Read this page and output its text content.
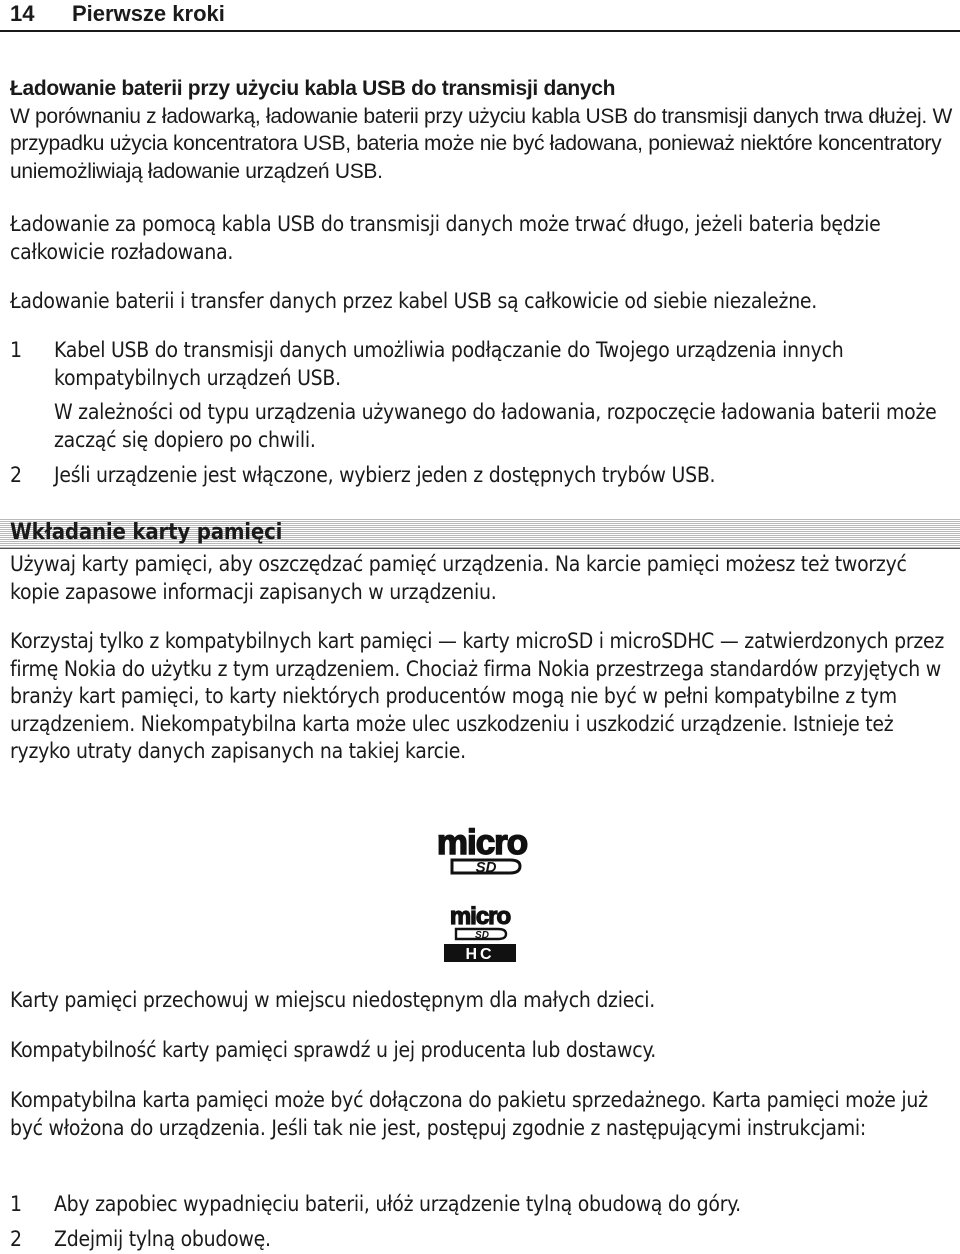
14 Pierwsze kroki
Ładowanie baterii przy użyciu kabla USB do transmisji danych
W porównaniu z ładowarką, ładowanie baterii przy użyciu kabla USB do transmisji danych trwa dłużej. W przypadku użycia koncentratora USB, bateria może nie być ładowana, ponieważ niektóre koncentratory uniemożliwiają ładowanie urządzeń USB.

Ładowanie za pomocą kabla USB do transmisji danych może trwać długo, jeżeli bateria będzie całkowicie rozładowana.

Ładowanie baterii i transfer danych przez kabel USB są całkowicie od siebie niezależne.

1 Kabel USB do transmisji danych umożliwia podłączanie do Twojego urządzenia innych kompatybilnych urządzeń USB.
W zależności od typu urządzenia używanego do ładowania, rozpoczęcie ładowania baterii może zacząć się dopiero po chwili.
2 Jeśli urządzenie jest włączone, wybierz jeden z dostępnych trybów USB.
Wkładanie karty pamięci

Używaj karty pamięci, aby oszczędzać pamięć urządzenia. Na karcie pamięci możesz też tworzyć kopie zapasowe informacji zapisanych w urządzeniu.

Korzystaj tylko z kompatybilnych kart pamięci — karty microSD i microSDHC — zatwierdzonych przez firmę Nokia do użytku z tym urządzeniem. Chociaż firma Nokia przestrzega standardów przyjętych w branży kart pamięci, to karty niektórych producentów mogą nie być w pełni kompatybilne z tym urządzeniem. Niekompatybilna karta może ulec uszkodzeniu i uszkodzić urządzenie. Istnieje też ryzyko utraty danych zapisanych na takiej karcie.

micro
SD
micro
SD
HC

Karty pamięci przechowuj w miejscu niedostępnym dla małych dzieci.

Kompatybilność karty pamięci sprawdź u jej producenta lub dostawcy.

Kompatybilna karta pamięci może być dołączona do pakietu sprzedażnego. Karta pamięci może już być włożona do urządzenia. Jeśli tak nie jest, postępuj zgodnie z następującymi instrukcjami:

1 Aby zapobiec wypadnięciu baterii, ułóż urządzenie tylną obudową do góry.
2 Zdejmij tylną obudowę.
